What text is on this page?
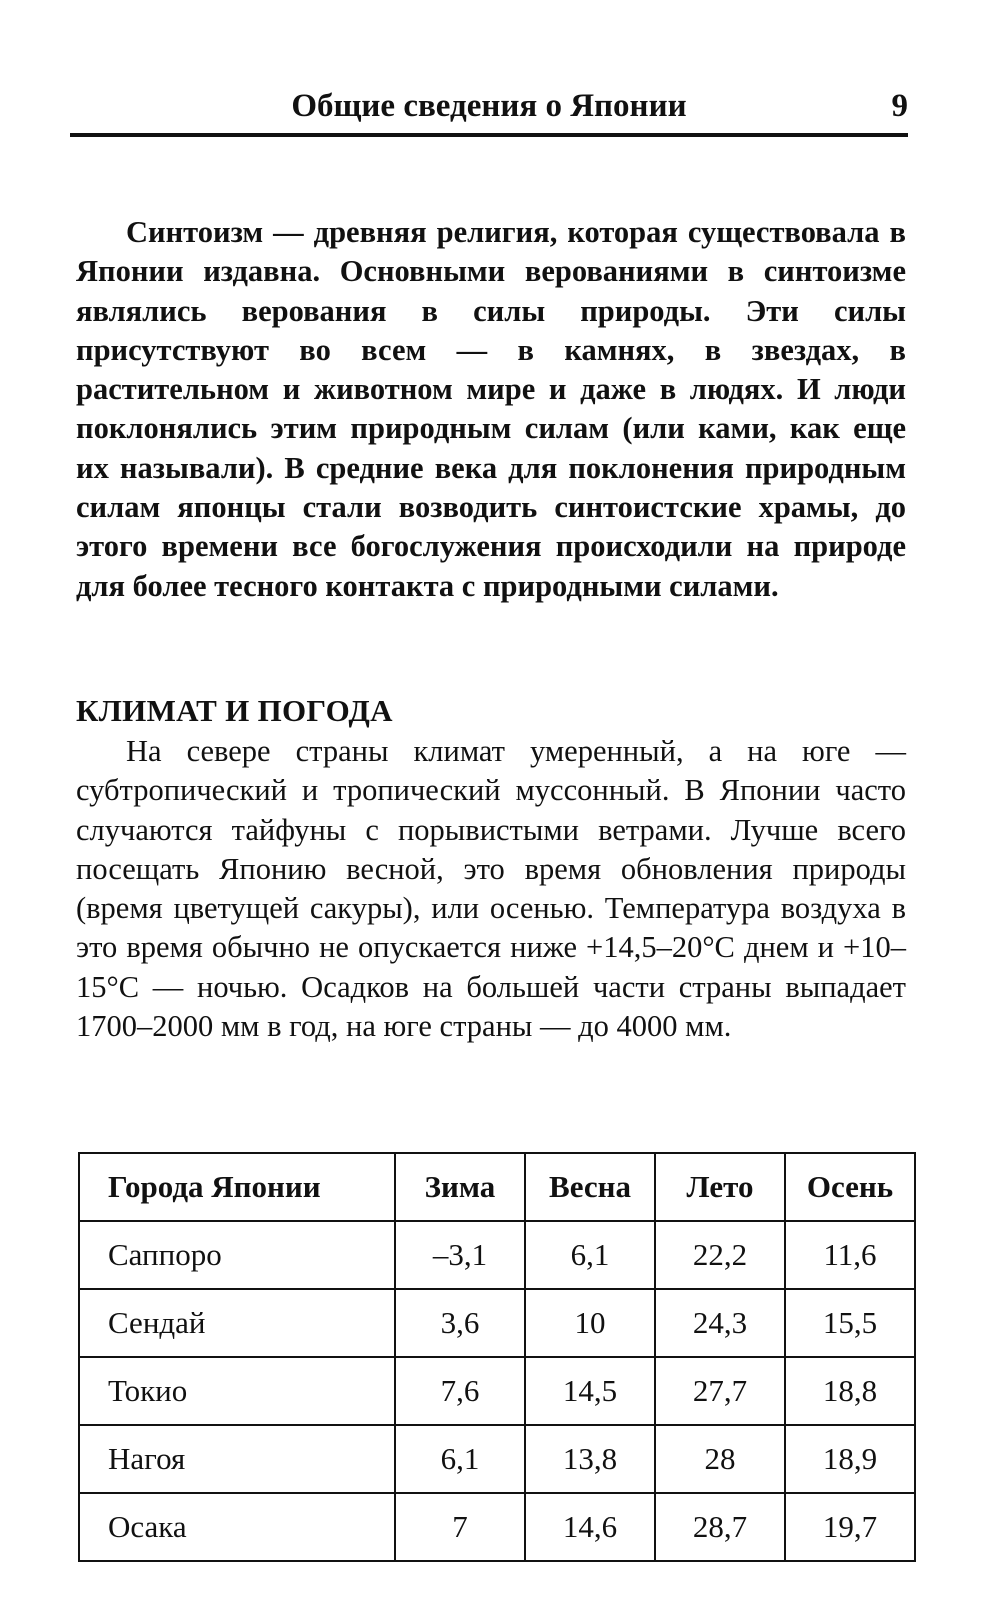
Общие сведения о Японии	9

Синтоизм — древняя религия, которая существовала в Японии издавна. Основными верованиями в синтоизме являлись верования в силы природы. Эти силы присутствуют во всем — в камнях, в звездах, в растительном и животном мире и даже в людях. И люди поклонялись этим природным силам (или ками, как еще их называли). В средние века для поклонения природным силам японцы стали возводить синтоистские храмы, до этого времени все богослужения происходили на природе для более тесного контакта с природными силами.

КЛИМАТ И ПОГОДА

На севере страны климат умеренный, а на юге — субтропический и тропический муссонный. В Японии часто случаются тайфуны с порывистыми ветрами. Лучше всего посещать Японию весной, это время обновления природы (время цветущей сакуры), или осенью. Температура воздуха в это время обычно не опускается ниже +14,5–20°C днем и +10–15°C — ночью. Осадков на большей части страны выпадает 1700–2000 мм в год, на юге страны — до 4000 мм.

Города Японии	Зима	Весна	Лето	Осень
Саппоро	–3,1	6,1	22,2	11,6
Сендай	3,6	10	24,3	15,5
Токио	7,6	14,5	27,7	18,8
Нагоя	6,1	13,8	28	18,9
Осака	7	14,6	28,7	19,7
